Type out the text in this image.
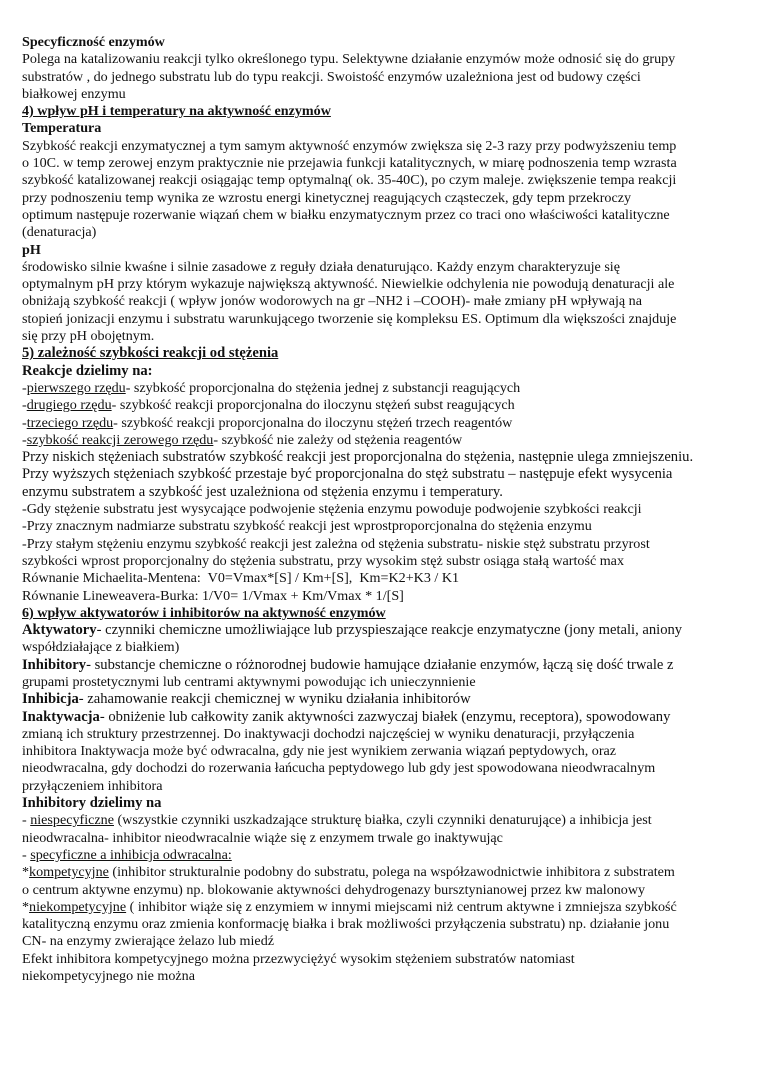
Specyficzność enzymów
Polega na katalizowaniu reakcji tylko określonego typu. Selektywne działanie enzymów może odnosić się do grupy
substratów , do jednego substratu lub do typu reakcji. Swoistość enzymów uzależniona jest od budowy części
białkowej enzymu
4) wpływ pH i temperatury na aktywność enzymów
Temperatura
Szybkość reakcji enzymatycznej a tym samym aktywność enzymów zwiększa się 2-3 razy przy podwyższeniu temp
o 10C. w temp zerowej enzym praktycznie nie przejawia funkcji katalitycznych, w miarę podnoszenia temp wzrasta
szybkość katalizowanej reakcji osiągając temp optymalną( ok. 35-40C), po czym maleje. zwiększenie tempa reakcji
przy podnoszeniu temp wynika ze wzrostu energi kinetycznej reagujących cząsteczek, gdy tepm przekroczy
optimum następuje rozerwanie wiązań chem w białku enzymatycznym przez co traci ono właściwości katalityczne
(denaturacja)
pH
środowisko silnie kwaśne i silnie zasadowe z reguły działa denaturująco. Każdy enzym charakteryzuje się
optymalnym pH przy którym wykazuje największą aktywność. Niewielkie odchylenia nie powodują denaturacji ale
obniżają szybkość reakcji ( wpływ jonów wodorowych na gr –NH2 i –COOH)- małe zmiany pH wpływają na
stopień jonizacji enzymu i substratu warunkującego tworzenie się kompleksu ES. Optimum dla większości znajduje
się przy pH obojętnym.
5) zależność szybkości reakcji od stężenia
Reakcje dzielimy na:
-pierwszego rzędu- szybkość proporcjonalna do stężenia jednej z substancji reagujących
-drugiego rzędu- szybkość reakcji proporcjonalna do iloczynu stężeń subst reagujących
-trzeciego rzędu- szybkość reakcji proporcjonalna do iloczynu stężeń trzech reagentów
-szybkość reakcji zerowego rzędu- szybkość nie zależy od stężenia reagentów
Przy niskich stężeniach substratów szybkość reakcji jest proporcjonalna do stężenia, następnie ulega zmniejszeniu.
Przy wyższych stężeniach szybkość przestaje być proporcjonalna do stęż substratu – następuje efekt wysycenia
enzymu substratem a szybkość jest uzależniona od stężenia enzymu i temperatury.
-Gdy stężenie substratu jest wysycające podwojenie stężenia enzymu powoduje podwojenie szybkości reakcji
-Przy znacznym nadmiarze substratu szybkość reakcji jest wprostproporcjonalna do stężenia enzymu
-Przy stałym stężeniu enzymu szybkość reakcji jest zależna od stężenia substratu- niskie stęż substratu przyrost
szybkości wprost proporcjonalny do stężenia substratu, przy wysokim stęż substr osiąga stałą wartość max
Równanie Michaelita-Mentena:  V0=Vmax*[S] / Km+[S],  Km=K2+K3 / K1
Równanie Lineweavera-Burka: 1/V0= 1/Vmax + Km/Vmax * 1/[S]
6) wpływ aktywatorów i inhibitorów na aktywność enzymów
Aktywatory- czynniki chemiczne umożliwiające lub przyspieszające reakcje enzymatyczne (jony metali, aniony
współdziałające z białkiem)
Inhibitory- substancje chemiczne o różnorodnej budowie hamujące działanie enzymów, łączą się dość trwale z
grupami prostetycznymi lub centrami aktywnymi powodując ich unieczynnienie
Inhibicja- zahamowanie reakcji chemicznej w wyniku działania inhibitorów
Inaktywacja- obniżenie lub całkowity zanik aktywności zazwyczaj białek (enzymu, receptora), spowodowany
zmianą ich struktury przestrzennej. Do inaktywacji dochodzi najczęściej w wyniku denaturacji, przyłączenia
inhibitora Inaktywacja może być odwracalna, gdy nie jest wynikiem zerwania wiązań peptydowych, oraz
nieodwracalna, gdy dochodzi do rozerwania łańcucha peptydowego lub gdy jest spowodowana nieodwracalnym
przyłączeniem inhibitora
Inhibitory dzielimy na
- niespecyficzne (wszystkie czynniki uszkadzające strukturę białka, czyli czynniki denaturujące) a inhibicja jest
nieodwracalna- inhibitor nieodwracalnie wiąże się z enzymem trwale go inaktywując
- specyficzne a inhibicja odwracalna:
*kompetycyjne (inhibitor strukturalnie podobny do substratu, polega na współzawodnictwie inhibitora z substratem
o centrum aktywne enzymu) np. blokowanie aktywności dehydrogenazy bursztynianowej przez kw malonowy
*niekompetycyjne ( inhibitor wiąże się z enzymiem w innymi miejscami niż centrum aktywne i zmniejsza szybkość
katalityczną enzymu oraz zmienia konformację białka i brak możliwości przyłączenia substratu) np. działanie jonu
CN- na enzymy zwierające żelazo lub miedź
Efekt inhibitora kompetycyjnego można przezwyciężyć wysokim stężeniem substratów natomiast
niekompetycyjnego nie można
